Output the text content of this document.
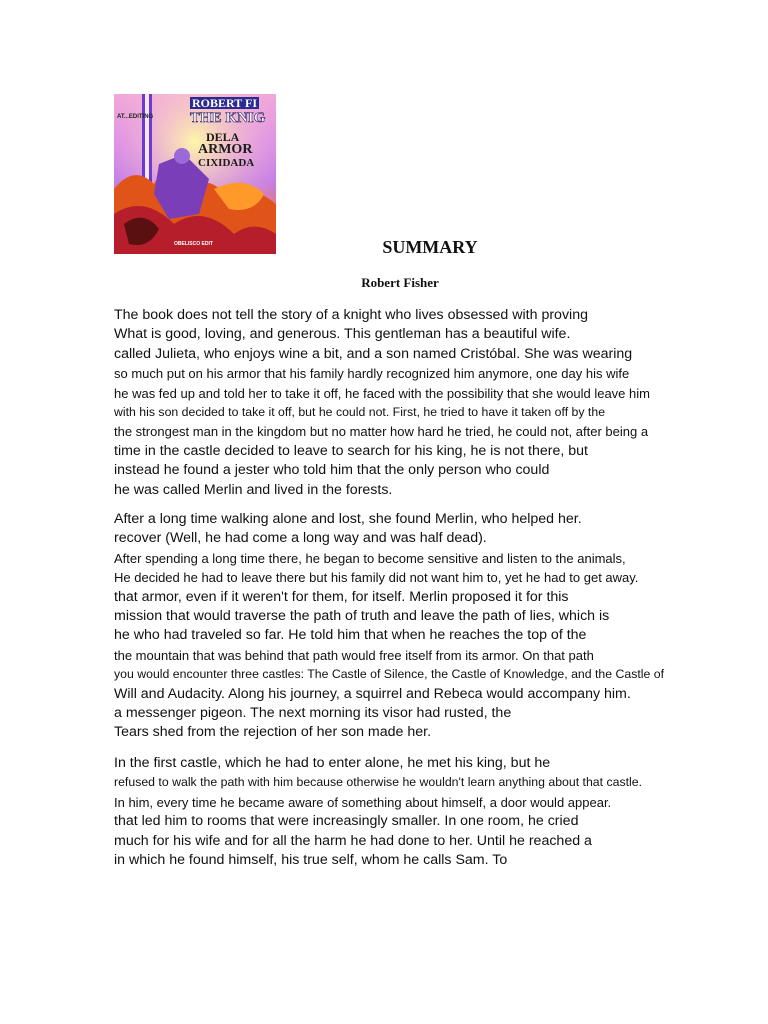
ROBERT FI
THE KNIG
DELA
ARMOR
CIXIDADA
AT...EDITING
OBELISCO EDIT	SUMMARY
Robert Fisher
The book does not tell the story of a knight who lives obsessed with proving
What is good, loving, and generous. This gentleman has a beautiful wife.
called Julieta, who enjoys wine a bit, and a son named Cristóbal. She was wearing
so much put on his armor that his family hardly recognized him anymore, one day his wife
he was fed up and told her to take it off, he faced with the possibility that she would leave him
with his son decided to take it off, but he could not. First, he tried to have it taken off by the
the strongest man in the kingdom but no matter how hard he tried, he could not, after being a
time in the castle decided to leave to search for his king, he is not there, but
instead he found a jester who told him that the only person who could
he was called Merlin and lived in the forests.
After a long time walking alone and lost, she found Merlin, who helped her.
recover (Well, he had come a long way and was half dead).
After spending a long time there, he began to become sensitive and listen to the animals,
He decided he had to leave there but his family did not want him to, yet he had to get away.
that armor, even if it weren't for them, for itself. Merlin proposed it for this
mission that would traverse the path of truth and leave the path of lies, which is
he who had traveled so far. He told him that when he reaches the top of the
the mountain that was behind that path would free itself from its armor. On that path
you would encounter three castles: The Castle of Silence, the Castle of Knowledge, and the Castle of
Will and Audacity. Along his journey, a squirrel and Rebeca would accompany him.
a messenger pigeon. The next morning its visor had rusted, the
Tears shed from the rejection of her son made her.
In the first castle, which he had to enter alone, he met his king, but he
refused to walk the path with him because otherwise he wouldn't learn anything about that castle.
In him, every time he became aware of something about himself, a door would appear.
that led him to rooms that were increasingly smaller. In one room, he cried
much for his wife and for all the harm he had done to her. Until he reached a
in which he found himself, his true self, whom he calls Sam. To
